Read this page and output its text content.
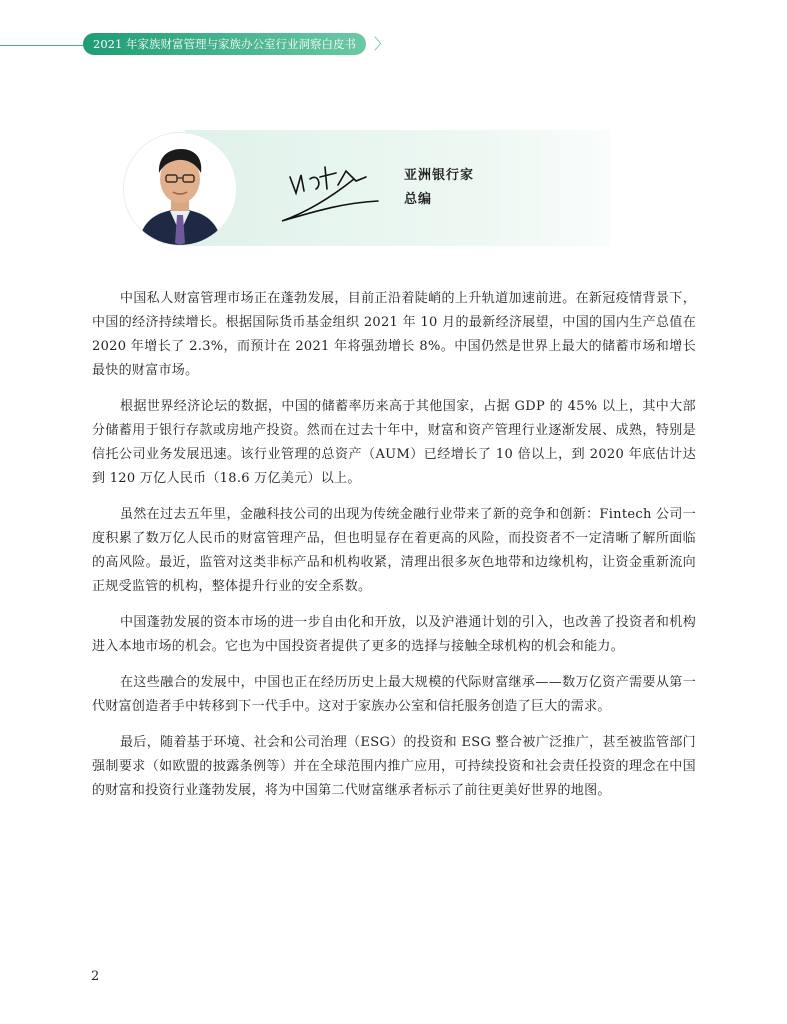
2021 年家族财富管理与家族办公室行业洞察白皮书	〉
亚洲银行家
总编

中国私人财富管理市场正在蓬勃发展，目前正沿着陡峭的上升轨道加速前进。在新冠疫情背景下，中国的经济持续增长。根据国际货币基金组织 2021 年 10 月的最新经济展望，中国的国内生产总值在 2020 年增长了 2.3%，而预计在 2021 年将强劲增长 8%。中国仍然是世界上最大的储蓄市场和增长最快的财富市场。

根据世界经济论坛的数据，中国的储蓄率历来高于其他国家，占据 GDP 的 45% 以上，其中大部分储蓄用于银行存款或房地产投资。然而在过去十年中，财富和资产管理行业逐渐发展、成熟，特别是信托公司业务发展迅速。该行业管理的总资产（AUM）已经增长了 10 倍以上，到 2020 年底估计达到 120 万亿人民币（18.6 万亿美元）以上。

虽然在过去五年里，金融科技公司的出现为传统金融行业带来了新的竞争和创新：Fintech 公司一度积累了数万亿人民币的财富管理产品，但也明显存在着更高的风险，而投资者不一定清晰了解所面临的高风险。最近，监管对这类非标产品和机构收紧，清理出很多灰色地带和边缘机构，让资金重新流向正规受监管的机构，整体提升行业的安全系数。

中国蓬勃发展的资本市场的进一步自由化和开放，以及沪港通计划的引入，也改善了投资者和机构进入本地市场的机会。它也为中国投资者提供了更多的选择与接触全球机构的机会和能力。

在这些融合的发展中，中国也正在经历历史上最大规模的代际财富继承——数万亿资产需要从第一代财富创造者手中转移到下一代手中。这对于家族办公室和信托服务创造了巨大的需求。

最后，随着基于环境、社会和公司治理（ESG）的投资和 ESG 整合被广泛推广，甚至被监管部门强制要求（如欧盟的披露条例等）并在全球范围内推广应用，可持续投资和社会责任投资的理念在中国的财富和投资行业蓬勃发展，将为中国第二代财富继承者标示了前往更美好世界的地图。

2
